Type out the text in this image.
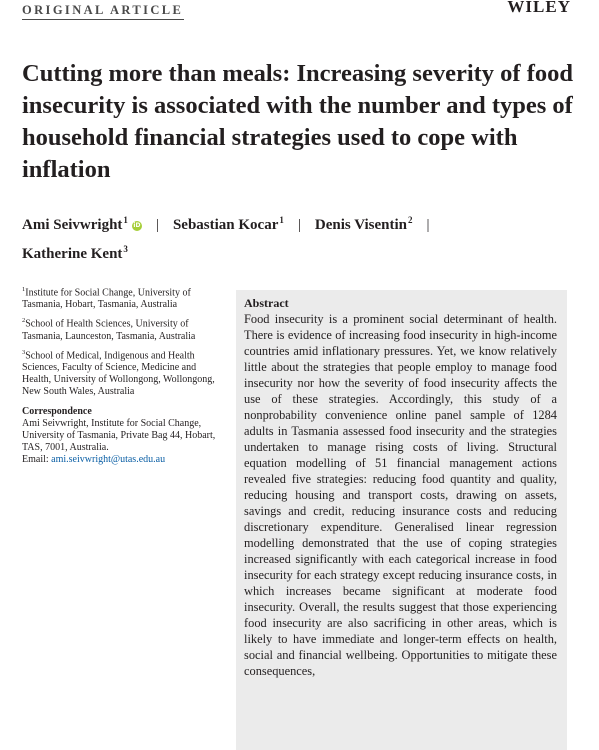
ORIGINAL ARTICLE	WILEY
Cutting more than meals: Increasing severity of food insecurity is associated with the number and types of household financial strategies used to cope with inflation
Ami Seivwright$^1$iD | Sebastian Kocar$^1$ | Denis Visentin$^2$ |
Katherine Kent$^3$
$^1$Institute for Social Change, University of Tasmania, Hobart, Tasmania, Australia
$^2$School of Health Sciences, University of Tasmania, Launceston, Tasmania, Australia
$^3$School of Medical, Indigenous and Health Sciences, Faculty of Science, Medicine and Health, University of Wollongong, Wollongong, New South Wales, Australia
Correspondence
Ami Seivwright, Institute for Social Change, University of Tasmania, Private Bag 44, Hobart, TAS, 7001, Australia.
Email: ami.seivwright@utas.edu.au
Abstract

Food insecurity is a prominent social determinant of health. There is evidence of increasing food insecurity in high-income countries amid inflationary pressures. Yet, we know relatively little about the strategies that people employ to manage food insecurity nor how the severity of food insecurity affects the use of these strategies. Accordingly, this study of a nonprobability convenience online panel sample of 1284 adults in Tasmania assessed food insecurity and the strategies undertaken to manage rising costs of living. Structural equation modelling of 51 financial management actions revealed five strategies: reducing food quantity and quality, reducing housing and transport costs, drawing on assets, savings and credit, reducing insurance costs and reducing discretionary expenditure. Generalised linear regression modelling demonstrated that the use of coping strategies increased significantly with each categorical increase in food insecurity for each strategy except reducing insurance costs, in which increases became significant at moderate food insecurity. Overall, the results suggest that those experiencing food insecurity are also sacrificing in other areas, which is likely to have immediate and longer-term effects on health, social and financial wellbeing. Opportunities to mitigate these consequences,
